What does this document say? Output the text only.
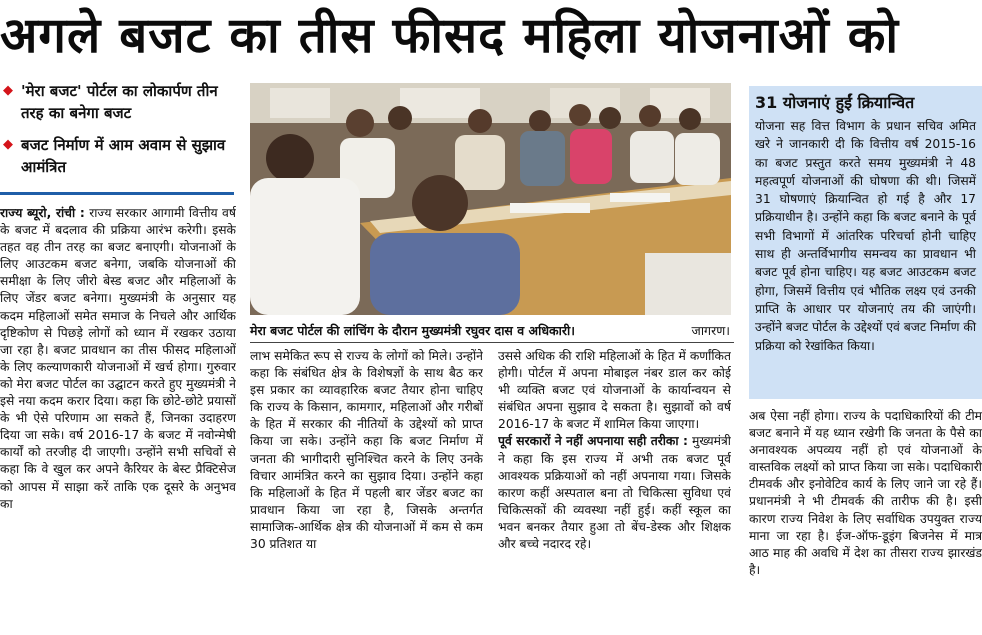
अगले बजट का तीस फीसद महिला योजनाओं को
◆ 'मेरा बजट' पोर्टल का लोकार्पण तीन तरह का बनेगा बजट
◆ बजट निर्माण में आम अवाम से सुझाव आमंत्रित

राज्य ब्यूरो, रांची : राज्य सरकार आगामी वित्तीय वर्ष के बजट में बदलाव की प्रक्रिया आरंभ करेगी। इसके तहत वह तीन तरह का बजट बनाएगी। योजनाओं के लिए आउटकम बजट बनेगा, जबकि योजनाओं की समीक्षा के लिए जीरो बेस्ड बजट और महिलाओं के लिए जेंडर बजट बनेगा। मुख्यमंत्री के अनुसार यह कदम महिलाओं समेत समाज के निचले और आर्थिक दृष्टिकोण से पिछड़े लोगों को ध्यान में रखकर उठाया जा रहा है। बजट प्रावधान का तीस फीसद महिलाओं के लिए कल्याणकारी योजनाओं में खर्च होगा। गुरुवार को मेरा बजट पोर्टल का उद्घाटन करते हुए मुख्यमंत्री ने इसे नया कदम करार दिया। कहा कि छोटे-छोटे प्रयासों के भी ऐसे परिणाम आ सकते हैं, जिनका उदाहरण दिया जा सके। वर्ष 2016-17 के बजट में नवोन्मेषी कार्यों को तरजीह दी जाएगी। उन्होंने सभी सचिवों से कहा कि वे खुल कर अपने कैरियर के बेस्ट प्रैक्टिसेज को आपस में साझा करें ताकि एक दूसरे के अनुभव का

मेरा बजट पोर्टल की लांचिंग के दौरान मुख्यमंत्री रघुवर दास व अधिकारी।	जागरण।

लाभ समेकित रूप से राज्य के लोगों को मिले। उन्होंने कहा कि संबंधित क्षेत्र के विशेषज्ञों के साथ बैठ कर इस प्रकार का व्यावहारिक बजट तैयार होना चाहिए कि राज्य के किसान, कामगार, महिलाओं और गरीबों के हित में सरकार की नीतियों के उद्देश्यों को प्राप्त किया जा सके। उन्होंने कहा कि बजट निर्माण में जनता की भागीदारी सुनिश्चित करने के लिए उनके विचार आमंत्रित करने का सुझाव दिया। उन्होंने कहा कि महिलाओं के हित में पहली बार जेंडर बजट का प्रावधान किया जा रहा है, जिसके अन्तर्गत सामाजिक-आर्थिक क्षेत्र की योजनाओं में कम से कम 30 प्रतिशत या

उससे अधिक की राशि महिलाओं के हित में कर्णांकित होगी। पोर्टल में अपना मोबाइल नंबर डाल कर कोई भी व्यक्ति बजट एवं योजनाओं के कार्यान्वयन से संबंधित अपना सुझाव दे सकता है। सुझावों को वर्ष 2016-17 के बजट में शामिल किया जाएगा।

पूर्व सरकारों ने नहीं अपनाया सही तरीका : मुख्यमंत्री ने कहा कि इस राज्य में अभी तक बजट पूर्व आवश्यक प्रक्रियाओं को नहीं अपनाया गया। जिसके कारण कहीं अस्पताल बना तो चिकित्सा सुविधा एवं चिकित्सकों की व्यवस्था नहीं हुई। कहीं स्कूल का भवन बनकर तैयार हुआ तो बेंच-डेस्क और शिक्षक और बच्चे नदारद रहे।

31 योजनाएं हुईं क्रियान्वित
योजना सह वित्त विभाग के प्रधान सचिव अमित खरे ने जानकारी दी कि वित्तीय वर्ष 2015-16 का बजट प्रस्तुत करते समय मुख्यमंत्री ने 48 महत्वपूर्ण योजनाओं की घोषणा की थी। जिसमें 31 घोषणाएं क्रियान्वित हो गई है और 17 प्रक्रियाधीन है। उन्होंने कहा कि बजट बनाने के पूर्व सभी विभागों में आंतरिक परिचर्चा होनी चाहिए साथ ही अन्तर्विभागीय समन्वय का प्रावधान भी बजट पूर्व होना चाहिए। यह बजट आउटकम बजट होगा, जिसमें वित्तीय एवं भौतिक लक्ष्य एवं उनकी प्राप्ति के आधार पर योजनाएं तय की जाएंगी। उन्होंने बजट पोर्टल के उद्देश्यों एवं बजट निर्माण की प्रक्रिया को रेखांकित किया।

अब ऐसा नहीं होगा। राज्य के पदाधिकारियों की टीम बजट बनाने में यह ध्यान रखेगी कि जनता के पैसे का अनावश्यक अपव्यय नहीं हो एवं योजनाओं के वास्तविक लक्ष्यों को प्राप्त किया जा सके। पदाधिकारी टीमवर्क और इनोवेटिव कार्य के लिए जाने जा रहे हैं। प्रधानमंत्री ने भी टीमवर्क की तारीफ की है। इसी कारण राज्य निवेश के लिए सर्वाधिक उपयुक्त राज्य माना जा रहा है। ईज-ऑफ-डूइंग बिजनेस में मात्र आठ माह की अवधि में देश का तीसरा राज्य झारखंड है।
